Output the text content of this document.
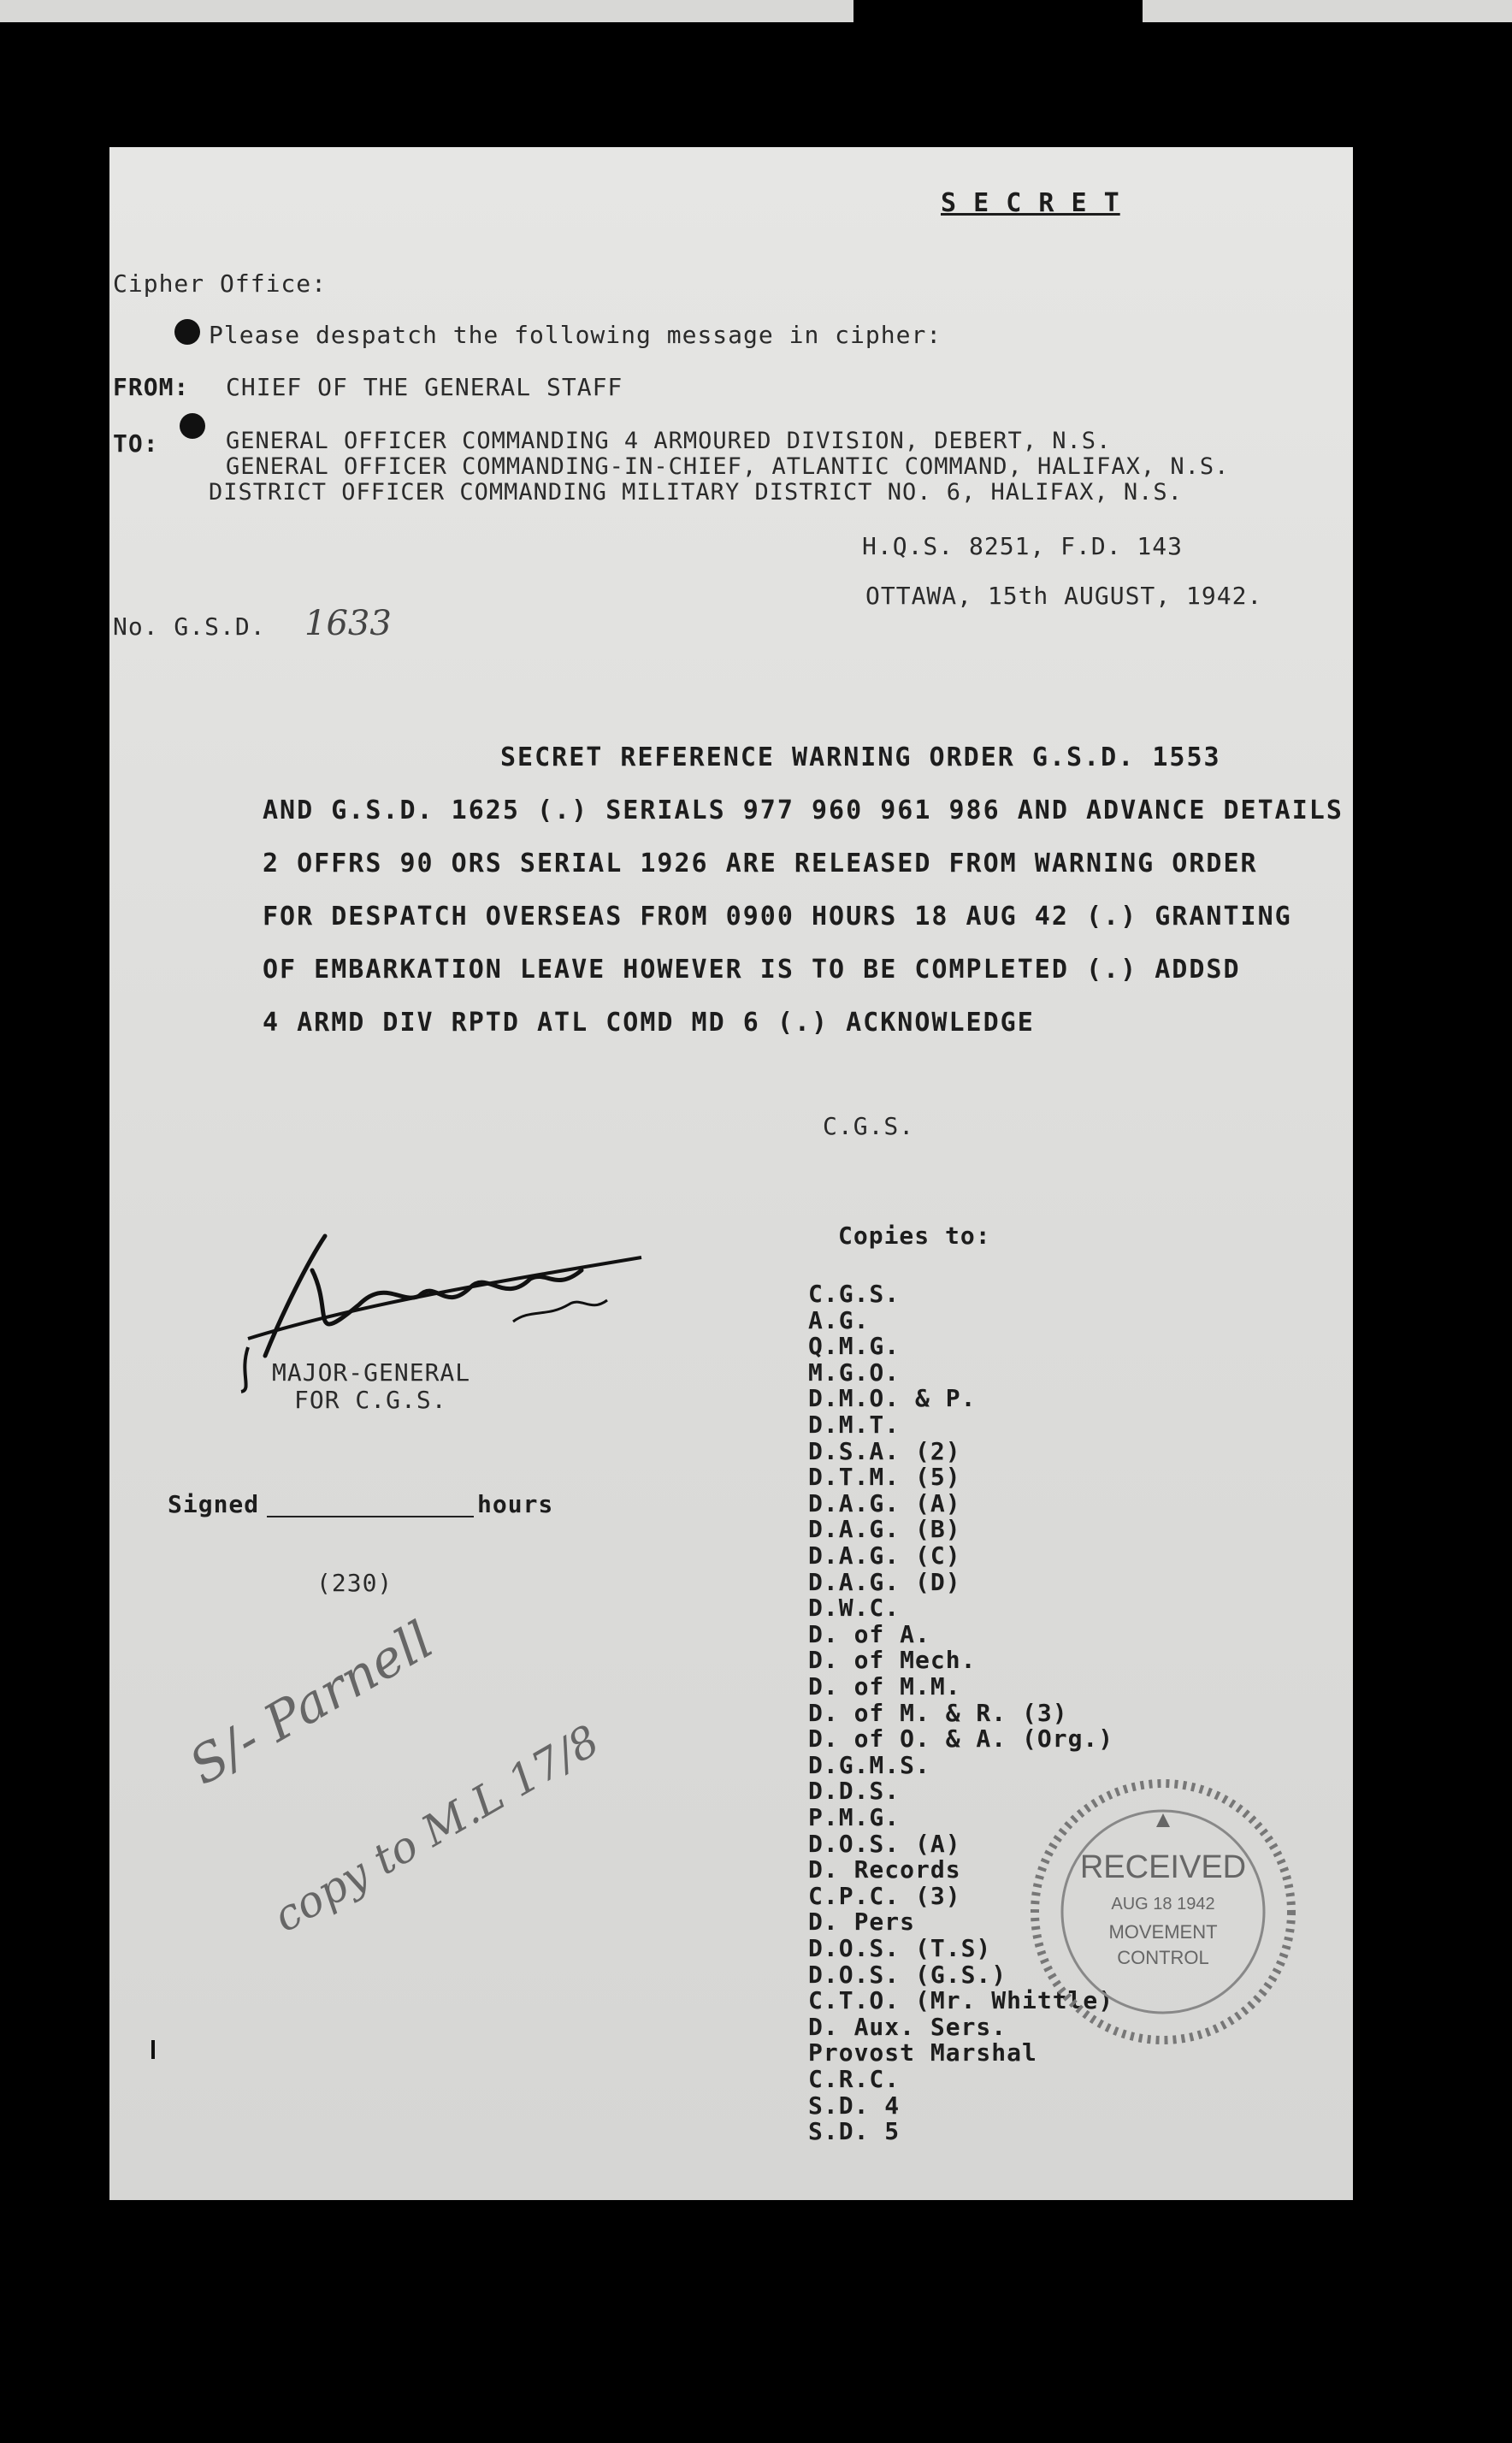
S E C R E T
Cipher Office:
Please despatch the following message in cipher:
FROM: CHIEF OF THE GENERAL STAFF
TO:	GENERAL OFFICER COMMANDING 4 ARMOURED DIVISION, DEBERT, N.S.
GENERAL OFFICER COMMANDING-IN-CHIEF, ATLANTIC COMMAND, HALIFAX, N.S.
DISTRICT OFFICER COMMANDING MILITARY DISTRICT NO. 6, HALIFAX, N.S.
H.Q.S. 8251, F.D. 143
OTTAWA, 15th AUGUST, 1942.
No. G.S.D. 1633
SECRET REFERENCE WARNING ORDER G.S.D. 1553
AND G.S.D. 1625 (.) SERIALS 977 960 961 986 AND ADVANCE DETAILS
2 OFFRS 90 ORS SERIAL 1926 ARE RELEASED FROM WARNING ORDER
FOR DESPATCH OVERSEAS FROM 0900 HOURS 18 AUG 42 (.) GRANTING
OF EMBARKATION LEAVE HOWEVER IS TO BE COMPLETED (.) ADDSD
4 ARMD DIV RPTD ATL COMD MD 6 (.) ACKNOWLEDGE
C.G.S.
MAJOR-GENERAL
FOR C.G.S.
Signed	hours
(230)
Copies to:
C.G.S.
A.G.
Q.M.G.
M.G.O.
D.M.O. & P.
D.M.T.
D.S.A. (2)
D.T.M. (5)
D.A.G. (A)
D.A.G. (B)
D.A.G. (C)
D.A.G. (D)
D.W.C.
D. of A.
D. of Mech.
D. of M.M.
D. of M. & R. (3)
D. of O. & A. (Org.)
D.G.M.S.
D.D.S.
P.M.G.
D.O.S. (A)
D. Records
C.P.C. (3)
D. Pers
D.O.S. (T.S)
D.O.S. (G.S.)
C.T.O. (Mr. Whittle)
D. Aux. Sers.
Provost Marshal
C.R.C.
S.D. 4
S.D. 5
S/- Parnell
copy to M.L 17/8	RECEIVED
AUG 18 1942
MOVEMENT
CONTROL
